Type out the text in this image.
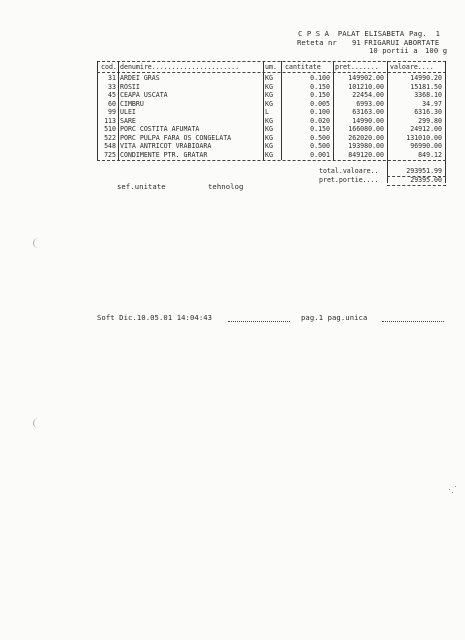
C P S A  PALAT ELISABETA Pag.  1
Reteta nr 91 FRIGARUI ABORTATE
10 portii a 100 g
cod. denumire......................	um. cantitate pret....... valoare....
31 ARDEI GRAS	KG	0.100	149902.00	14990.20
33 ROSII	KG	0.150	101210.00	15181.50
45 CEAPA USCATA	KG	0.150	22454.00	3368.10
60 CIMBRU	KG	0.005	6993.00	34.97
99 ULEI	L	0.100	63163.00	6316.30
113 SARE	KG	0.020	14990.00	299.80
510 PORC COSTITA AFUMATA	KG	0.150	166080.00	24912.00
522 PORC PULPA FARA OS CONGELATA	KG	0.500	262020.00	131010.00
548 VITA ANTRICOT VRABIOARA	KG	0.500	193980.00	96990.00
725 CONDIMENTE PTR. GRATAR	KG	0.001	849120.00	849.12
total.valoare..	293951.99
pret.portie....	29395.00
sef.unitate	tehnolog
Soft Dic.10.05.01 14:04:43	pag.1 pag.unica
